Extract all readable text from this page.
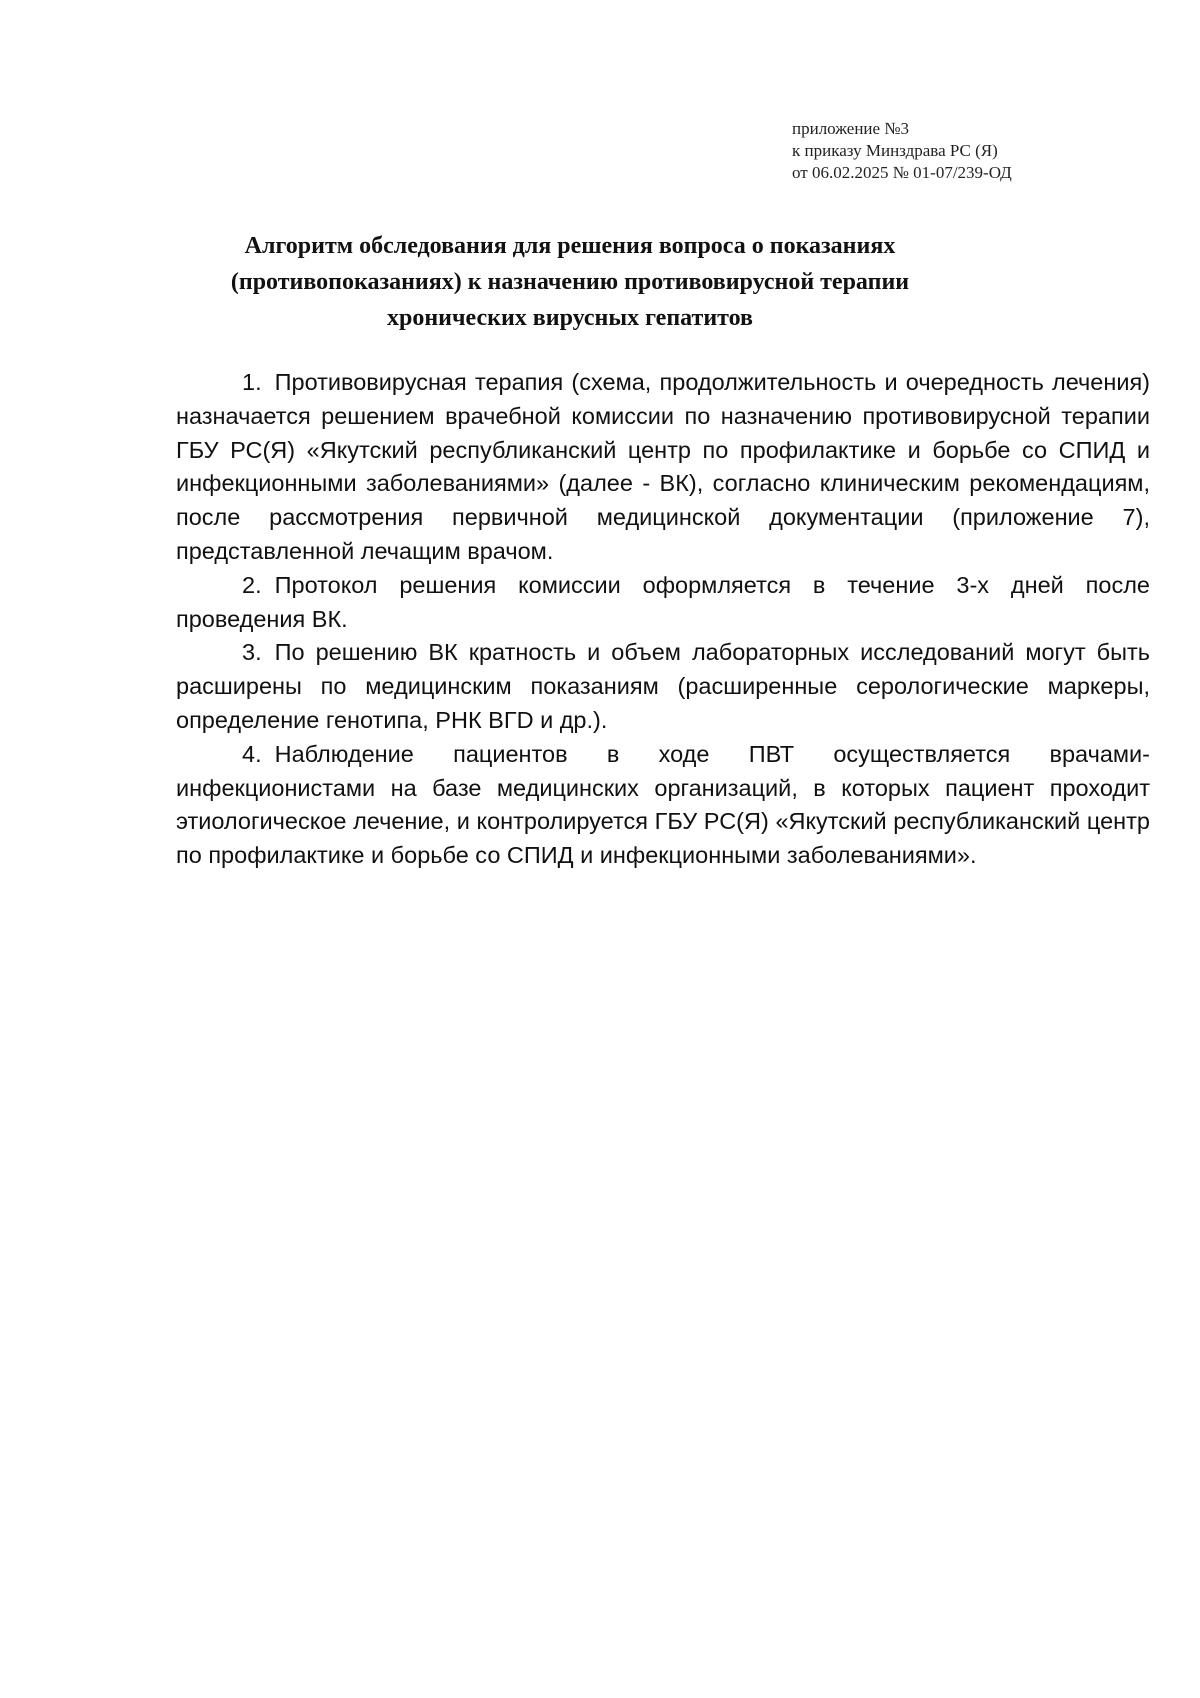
приложение №3
к приказу Минздрава РС (Я)
от 06.02.2025 № 01-07/239-ОД
Алгоритм обследования для решения вопроса о показаниях
(противопоказаниях) к назначению противовирусной терапии
хронических вирусных гепатитов

1. Противовирусная терапия (схема, продолжительность и очередность лечения) назначается решением врачебной комиссии по назначению противовирусной терапии ГБУ РС(Я) «Якутский республиканский центр по профилактике и борьбе со СПИД и инфекционными заболеваниями» (далее - ВК), согласно клиническим рекомендациям, после рассмотрения первичной медицинской документации (приложение 7), представленной лечащим врачом.

2. Протокол решения комиссии оформляется в течение 3-х дней после проведения ВК.

3. По решению ВК кратность и объем лабораторных исследований могут быть расширены по медицинским показаниям (расширенные серологические маркеры, определение генотипа, РНК ВГD и др.).

4. Наблюдение пациентов в ходе ПВТ осуществляется врачами-инфекционистами на базе медицинских организаций, в которых пациент проходит этиологическое лечение, и контролируется ГБУ РС(Я) «Якутский республиканский центр по профилактике и борьбе со СПИД и инфекционными заболеваниями».
